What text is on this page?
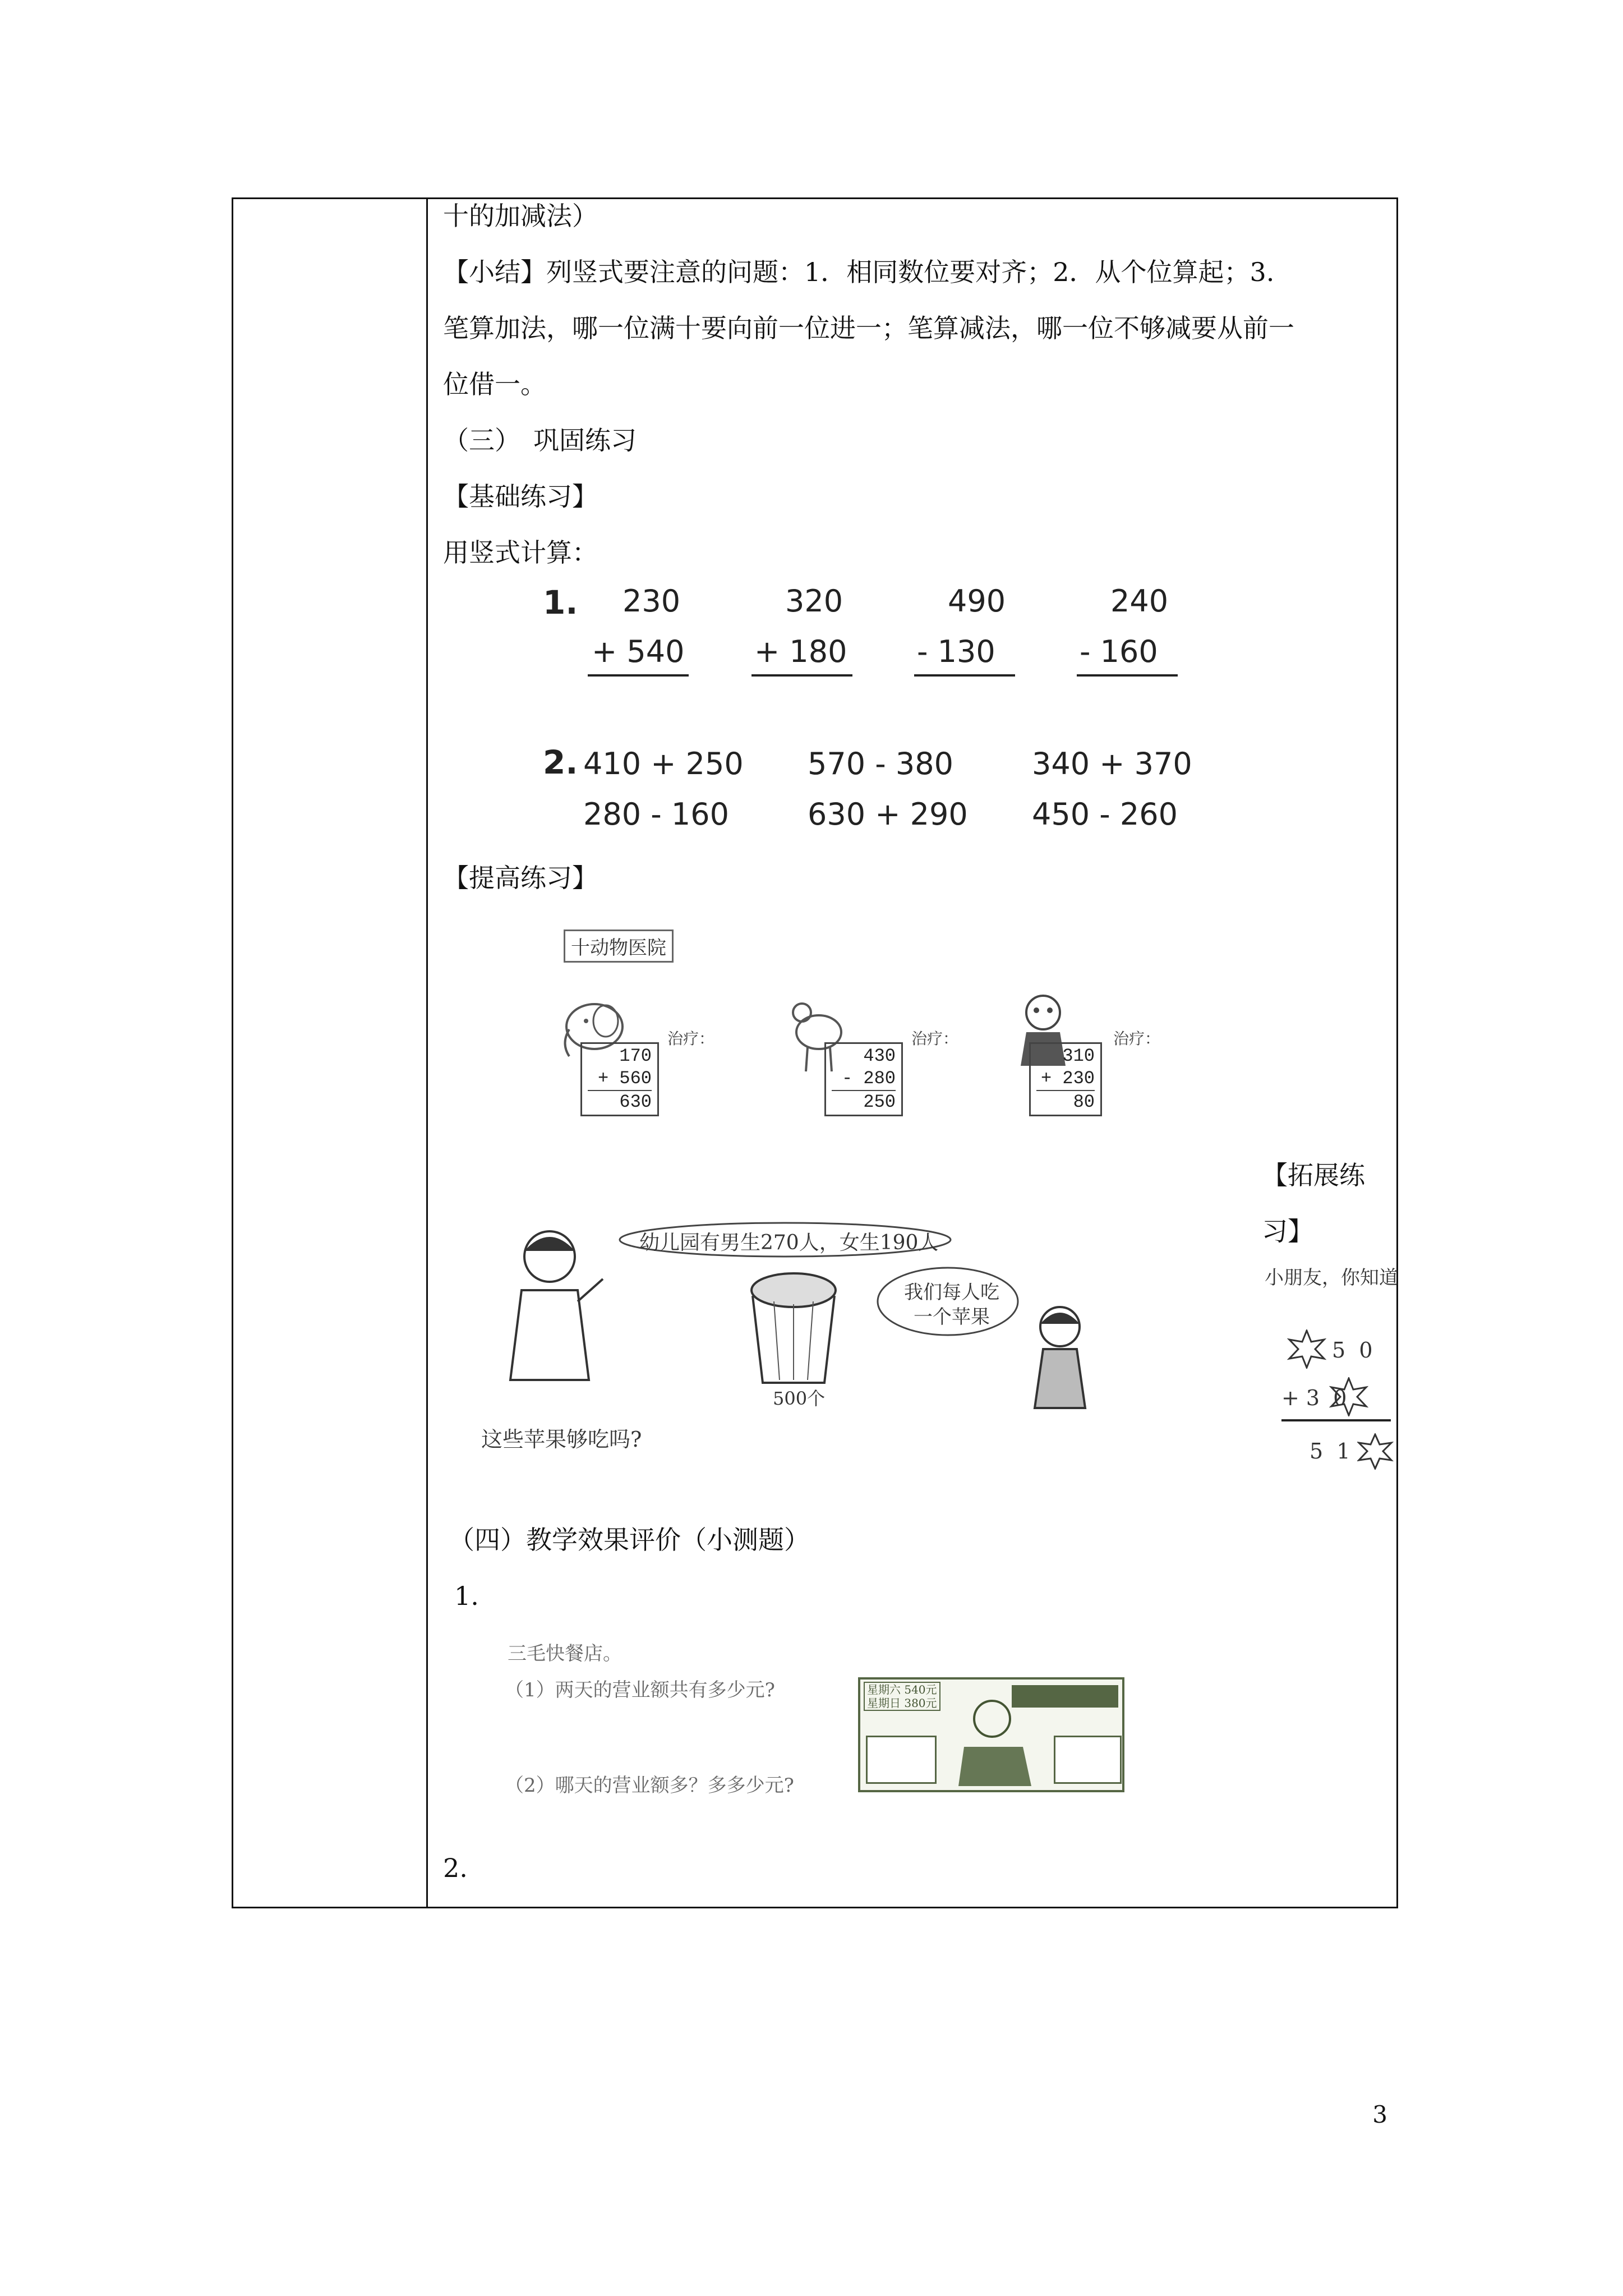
十的加减法）
【小结】列竖式要注意的问题：1．相同数位要对齐；2．从个位算起；3.
笔算加法，哪一位满十要向前一位进一；笔算减法，哪一位不够减要从前一
位借一。
（三）　巩固练习
【基础练习】
用竖式计算：
1. 230
+ 540
320
+ 180
490
- 130
240
- 160
2. 410 + 250 570 - 380	340 + 370
280 - 160	630 + 290 450 - 260
【提高练习】
十动物医院
170
+ 560
630
治疗：
430
- 280
250
治疗：
310
+ 230
80
治疗：
【拓展练
习】
幼儿园有男生270人，女生190人
500个
我们每人吃
一个苹果
这些苹果够吃吗?
小朋友，你知道
5  0
+ 3  0
5  1
（四）教学效果评价（小测题）
1.
三毛快餐店。
（1）两天的营业额共有多少元?
（2）哪天的营业额多？多多少元?
星期六 540元
星期日 380元
2.
3
